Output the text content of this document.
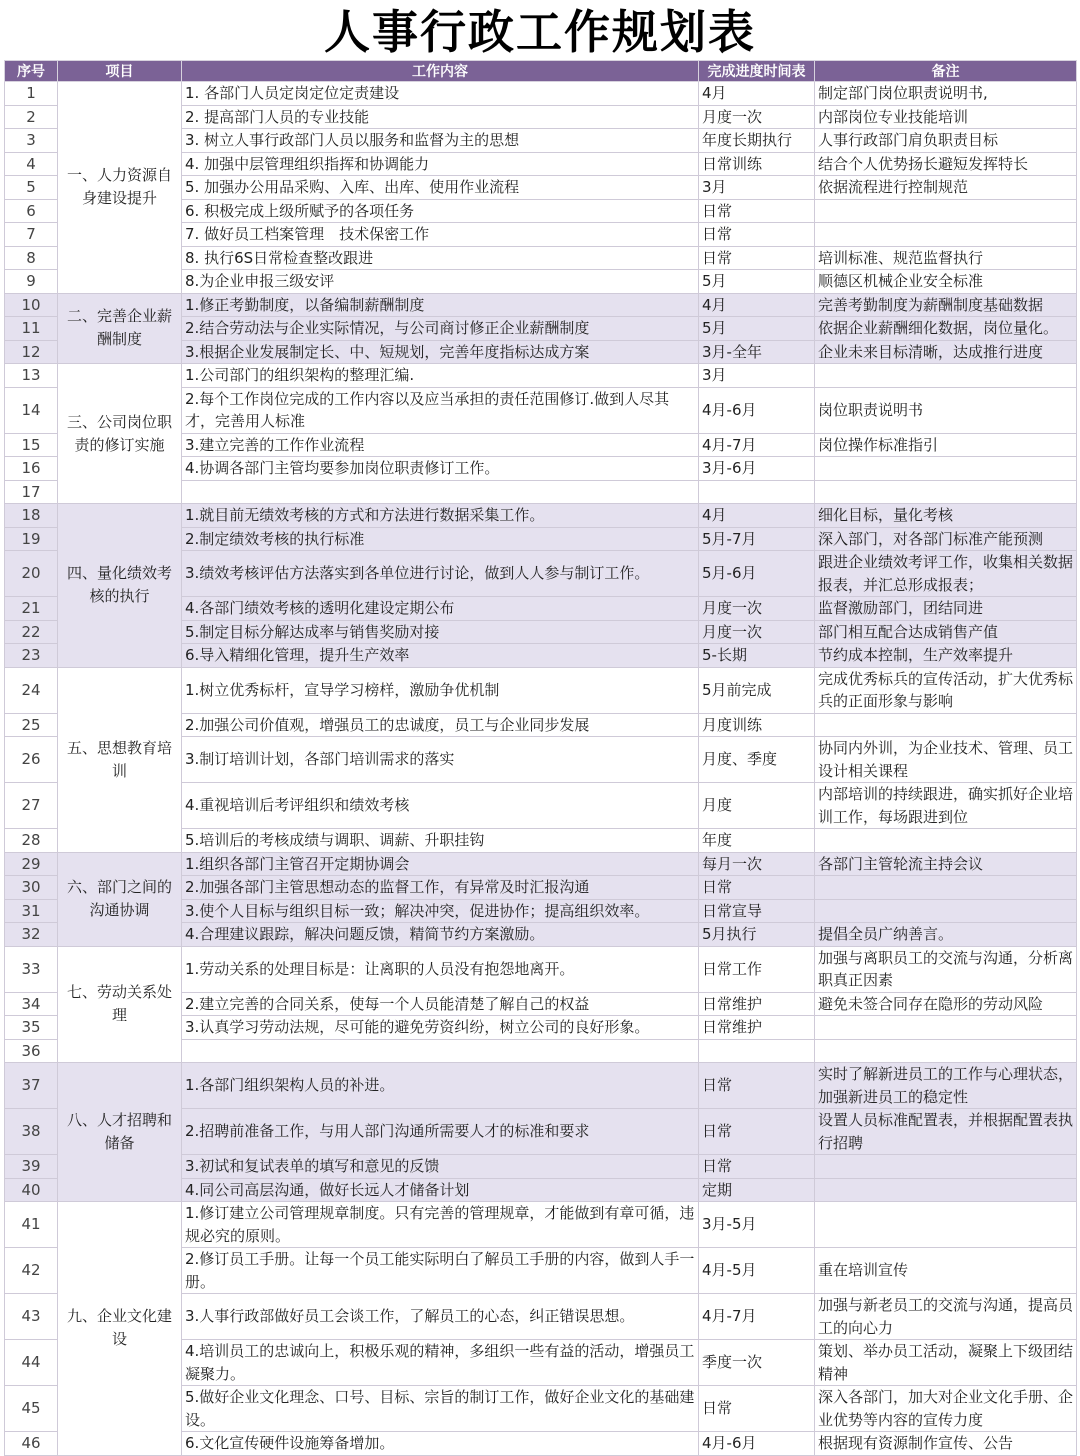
人事行政工作规划表
序号	项目	工作内容	完成进度时间表	备注
1	一、人力资源自身建设提升	1. 各部门人员定岗定位定责建设	4月	制定部门岗位职责说明书,
2		2. 提高部门人员的专业技能	月度一次	内部岗位专业技能培训
3		3. 树立人事行政部门人员以服务和监督为主的思想	年度长期执行	人事行政部门肩负职责目标
4		4. 加强中层管理组织指挥和协调能力	日常训练	结合个人优势扬长避短发挥特长
5		5. 加强办公用品采购、入库、出库、使用作业流程	3月	依据流程进行控制规范
6		6. 积极完成上级所赋予的各项任务	日常	
7		7. 做好员工档案管理　技术保密工作	日常	
8		8. 执行6S日常检查整改跟进	日常	培训标准、规范监督执行
9		8.为企业申报三级安评	5月	顺德区机械企业安全标准
10	二、完善企业薪酬制度	1.修正考勤制度，以备编制薪酬制度	4月	完善考勤制度为薪酬制度基础数据
11		2.结合劳动法与企业实际情况，与公司商讨修正企业薪酬制度	5月	依据企业薪酬细化数据，岗位量化。
12		3.根据企业发展制定长、中、短规划，完善年度指标达成方案	3月-全年	企业未来目标清晰，达成推行进度
13	三、公司岗位职责的修订实施	1.公司部门的组织架构的整理汇编.	3月	
14		2.每个工作岗位完成的工作内容以及应当承担的责任范围修订.做到人尽其才，完善用人标准	4月-6月	岗位职责说明书
15		3.建立完善的工作作业流程	4月-7月	岗位操作标准指引
16		4.协调各部门主管均要参加岗位职责修订工作。	3月-6月	
17				
18	四、量化绩效考核的执行	1.就目前无绩效考核的方式和方法进行数据采集工作。	4月	细化目标，量化考核
19		2.制定绩效考核的执行标准	5月-7月	深入部门，对各部门标准产能预测
20		3.绩效考核评估方法落实到各单位进行讨论，做到人人参与制订工作。	5月-6月	跟进企业绩效考评工作，收集相关数据报表，并汇总形成报表；
21		4.各部门绩效考核的透明化建设定期公布	月度一次	监督激励部门，团结同进
22		5.制定目标分解达成率与销售奖励对接	月度一次	部门相互配合达成销售产值
23		6.导入精细化管理，提升生产效率	5-长期	节约成本控制，生产效率提升
24	五、思想教育培训	1.树立优秀标杆，宣导学习榜样，激励争优机制	5月前完成	完成优秀标兵的宣传活动，扩大优秀标兵的正面形象与影响
25		2.加强公司价值观，增强员工的忠诚度，员工与企业同步发展	月度训练	
26		3.制订培训计划，各部门培训需求的落实	月度、季度	协同内外训，为企业技术、管理、员工设计相关课程
27		4.重视培训后考评组织和绩效考核	月度	内部培训的持续跟进，确实抓好企业培训工作，每场跟进到位
28		5.培训后的考核成绩与调职、调薪、升职挂钩	年度	
29	六、部门之间的沟通协调	1.组织各部门主管召开定期协调会	每月一次	各部门主管轮流主持会议
30		2.加强各部门主管思想动态的监督工作，有异常及时汇报沟通	日常	
31		3.使个人目标与组织目标一致；解决冲突，促进协作；提高组织效率。	日常宣导	
32		4.合理建议跟踪，解决问题反馈，精简节约方案激励。	5月执行	提倡全员广纳善言。
33	七、劳动关系处理	1.劳动关系的处理目标是：让离职的人员没有抱怨地离开。	日常工作	加强与离职员工的交流与沟通，分析离职真正因素
34		2.建立完善的合同关系，使每一个人员能清楚了解自己的权益	日常维护	避免未签合同存在隐形的劳动风险
35		3.认真学习劳动法规，尽可能的避免劳资纠纷，树立公司的良好形象。	日常维护	
36				
37	八、人才招聘和储备	1.各部门组织架构人员的补进。	日常	实时了解新进员工的工作与心理状态，加强新进员工的稳定性
38		2.招聘前准备工作，与用人部门沟通所需要人才的标准和要求	日常	设置人员标准配置表，并根据配置表执行招聘
39		3.初试和复试表单的填写和意见的反馈	日常	
40		4.同公司高层沟通，做好长远人才储备计划	定期	
41	九、企业文化建设	1.修订建立公司管理规章制度。只有完善的管理规章，才能做到有章可循，违规必究的原则。	3月-5月	
42		2.修订员工手册。让每一个员工能实际明白了解员工手册的内容，做到人手一册。	4月-5月	重在培训宣传
43		3.人事行政部做好员工会谈工作，了解员工的心态，纠正错误思想。	4月-7月	加强与新老员工的交流与沟通，提高员工的向心力
44		4.培训员工的忠诚向上，积极乐观的精神，多组织一些有益的活动，增强员工凝聚力。	季度一次	策划、举办员工活动，凝聚上下级团结精神
45		5.做好企业文化理念、口号、目标、宗旨的制订工作，做好企业文化的基础建设。	日常	深入各部门，加大对企业文化手册、企业优势等内容的宣传力度
46		6.文化宣传硬件设施筹备增加。	4月-6月	根据现有资源制作宣传、公告
